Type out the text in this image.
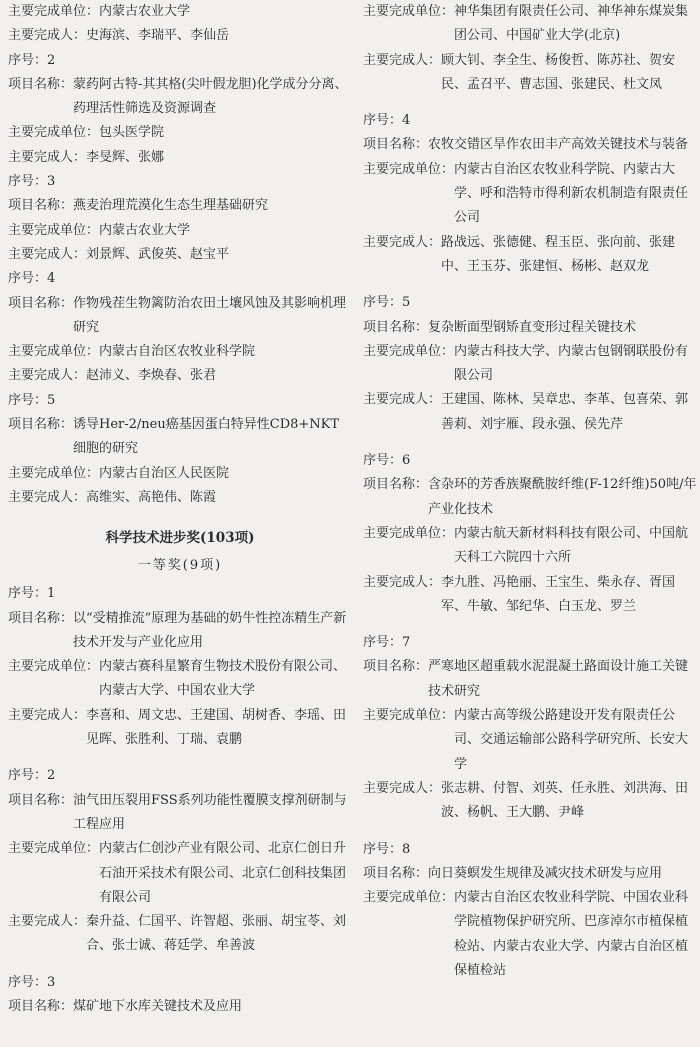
主要完成单位： 内蒙古农业大学
主要完成人： 史海滨、李瑞平、李仙岳
序号：2
项目名称： 蒙药阿古特-其其格(尖叶假龙胆)化学成分分离、药理活性筛选及资源调查
主要完成单位： 包头医学院
主要完成人： 李旻辉、张娜
序号：3
项目名称： 燕麦治理荒漠化生态生理基础研究
主要完成单位： 内蒙古农业大学
主要完成人： 刘景辉、武俊英、赵宝平
序号：4
项目名称： 作物残茬生物篱防治农田土壤风蚀及其影响机理研究
主要完成单位： 内蒙古自治区农牧业科学院
主要完成人： 赵沛义、李焕春、张君
序号：5
项目名称： 诱导Her-2/neu癌基因蛋白特异性CD8+NKT细胞的研究
主要完成单位： 内蒙古自治区人民医院
主要完成人： 高维实、高艳伟、陈霞
科学技术进步奖(103项)
一等奖(9项)
序号：1
项目名称： 以“受精推流”原理为基础的奶牛性控冻精生产新技术开发与产业化应用
主要完成单位： 内蒙古赛科星繁育生物技术股份有限公司、内蒙古大学、中国农业大学
主要完成人： 李喜和、周文忠、王建国、胡树香、李瑶、田见晖、张胜利、丁瑞、袁鹏
序号：2
项目名称： 油气田压裂用FSS系列功能性覆膜支撑剂研制与工程应用
主要完成单位： 内蒙古仁创沙产业有限公司、北京仁创日升石油开采技术有限公司、北京仁创科技集团有限公司
主要完成人： 秦升益、仁国平、许智超、张丽、胡宝苓、刘合、张士诚、蒋廷学、牟善波
序号：3
项目名称： 煤矿地下水库关键技术及应用
主要完成单位： 神华集团有限责任公司、神华神东煤炭集团公司、中国矿业大学(北京)
主要完成人： 顾大钊、李全生、杨俊哲、陈苏社、贺安民、孟召平、曹志国、张建民、杜文凤
序号：4
项目名称： 农牧交错区旱作农田丰产高效关键技术与装备
主要完成单位： 内蒙古自治区农牧业科学院、内蒙古大学、呼和浩特市得利新农机制造有限责任公司
主要完成人： 路战远、张德健、程玉臣、张向前、张建中、王玉芬、张建恒、杨彬、赵双龙
序号：5
项目名称： 复杂断面型钢矫直变形过程关键技术
主要完成单位： 内蒙古科技大学、内蒙古包钢钢联股份有限公司
主要完成人： 王建国、陈林、吴章忠、李革、包喜荣、郭善莉、刘宇雁、段永强、侯先芹
序号：6
项目名称： 含杂环的芳香族聚酰胺纤维(F-12纤维)50吨/年产业化技术
主要完成单位： 内蒙古航天新材料科技有限公司、中国航天科工六院四十六所
主要完成人： 李九胜、冯艳丽、王宝生、柴永存、胥国军、牛敏、邹纪华、白玉龙、罗兰
序号：7
项目名称： 严寒地区超重载水泥混凝土路面设计施工关键技术研究
主要完成单位： 内蒙古高等级公路建设开发有限责任公司、交通运输部公路科学研究所、长安大学
主要完成人： 张志耕、付智、刘英、任永胜、刘洪海、田波、杨帆、王大鹏、尹峰
序号：8
项目名称： 向日葵螟发生规律及减灾技术研发与应用
主要完成单位： 内蒙古自治区农牧业科学院、中国农业科学院植物保护研究所、巴彦淖尔市植保植检站、内蒙古农业大学、内蒙古自治区植保植检站
